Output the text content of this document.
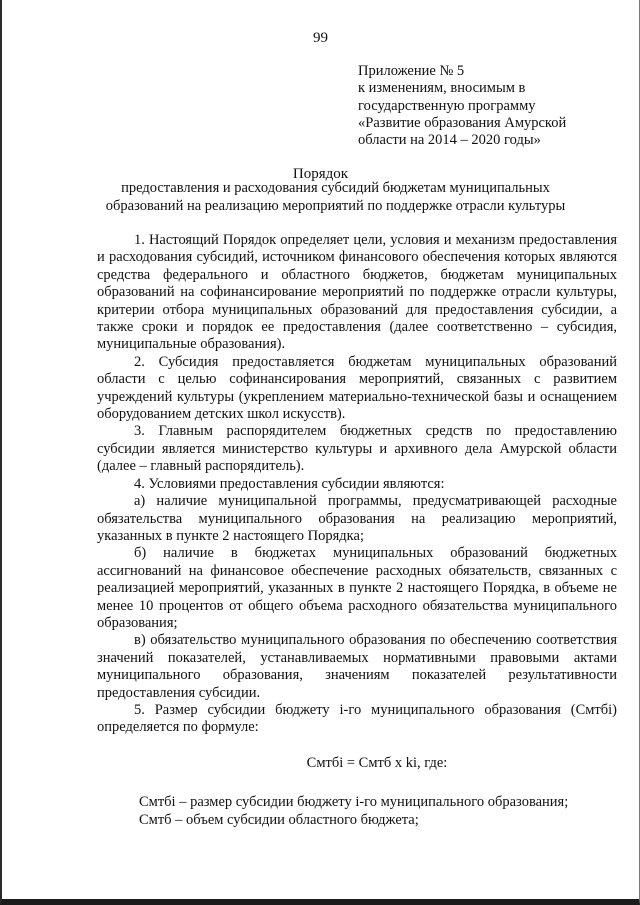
99
Приложение № 5
к изменениям, вносимым в
государственную программу
«Развитие образования Амурской
области на 2014 – 2020 годы»
Порядок
предоставления и расходования субсидий бюджетам муниципальных
образований на реализацию мероприятий по поддержке отрасли культуры

1. Настоящий Порядок определяет цели, условия и механизм предоставления и расходования субсидий, источником финансового обеспечения которых являются средства федерального и областного бюджетов, бюджетам муниципальных образований на софинансирование мероприятий по поддержке отрасли культуры, критерии отбора муниципальных образований для предоставления субсидии, а также сроки и порядок ее предоставления (далее соответственно – субсидия, муниципальные образования).

2. Субсидия предоставляется бюджетам муниципальных образований области с целью софинансирования мероприятий, связанных с развитием учреждений культуры (укреплением материально-технической базы и оснащением оборудованием детских школ искусств).

3. Главным распорядителем бюджетных средств по предоставлению субсидии является министерство культуры и архивного дела Амурской области (далее – главный распорядитель).

4. Условиями предоставления субсидии являются:

а) наличие муниципальной программы, предусматривающей расходные обязательства муниципального образования на реализацию мероприятий, указанных в пункте 2 настоящего Порядка;

б) наличие в бюджетах муниципальных образований бюджетных ассигнований на финансовое обеспечение расходных обязательств, связанных с реализацией мероприятий, указанных в пункте 2 настоящего Порядка, в объеме не менее 10 процентов от общего объема расходного обязательства муниципального образования;

в) обязательство муниципального образования по обеспечению соответствия значений показателей, устанавливаемых нормативными правовыми актами муниципального образования, значениям показателей результативности предоставления субсидии.

5. Размер субсидии бюджету i-го муниципального образования (Смтбi) определяется по формуле:

Смтбi = Смтб x ki, где:

Смтбi – размер субсидии бюджету i-го муниципального образования;

Смтб – объем субсидии областного бюджета;
